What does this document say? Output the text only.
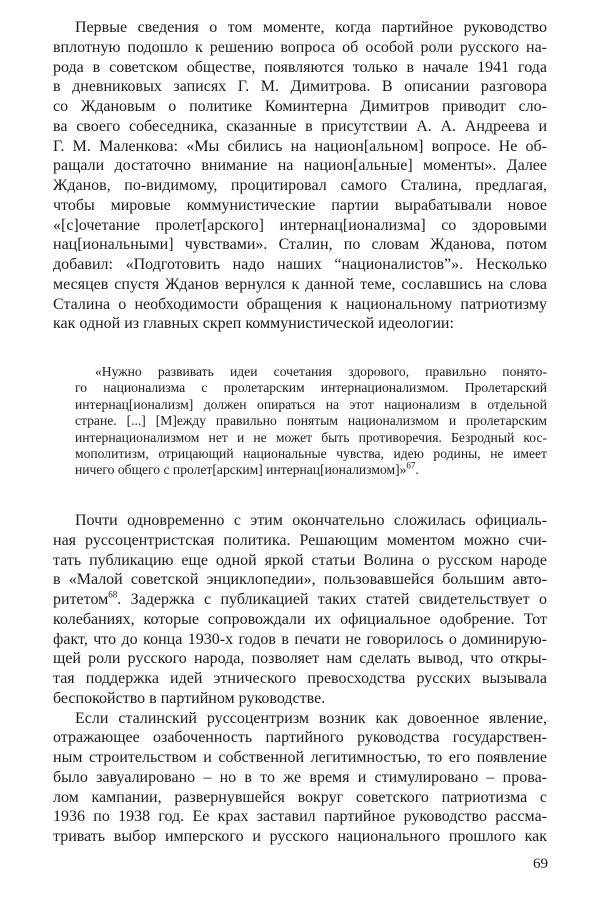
Первые сведения о том моменте, когда партийное руководство
вплотную подошло к решению вопроса об особой роли русского на-
рода в советском обществе, появляются только в начале 1941 года
в дневниковых записях Г. М. Димитрова. В описании разговора
со Ждановым о политике Коминтерна Димитров приводит сло-
ва своего собеседника, сказанные в присутствии А. А. Андреева и
Г. М. Маленкова: «Мы сбились на национ[альном] вопросе. Не об-
ращали достаточно внимание на национ[альные] моменты». Далее
Жданов, по-видимому, процитировал самого Сталина, предлагая,
чтобы мировые коммунистические партии вырабатывали новое
«[с]очетание пролет[арского] интернац[ионализма] со здоровыми
нац[иональными] чувствами». Сталин, по словам Жданова, потом
добавил: «Подготовить надо наших “националистов”». Несколько
месяцев спустя Жданов вернулся к данной теме, сославшись на слова
Сталина о необходимости обращения к национальному патриотизму
как одной из главных скреп коммунистической идеологии:
«Нужно развивать идеи сочетания здорового, правильно понято-
го национализма с пролетарским интернационализмом. Пролетарский
интернац[ионализм] должен опираться на этот национализм в отдельной
стране. [...] [М]ежду правильно понятым национализмом и пролетарским
интернационализмом нет и не может быть противоречия. Безродный кос-
мополитизм, отрицающий национальные чувства, идею родины, не имеет
ничего общего с пролет[арским] интернац[ионализмом]»$^{67}$.
Почти одновременно с этим окончательно сложилась официаль-
ная руссоцентристская политика. Решающим моментом можно счи-
тать публикацию еще одной яркой статьи Волина о русском народе
в «Малой советской энциклопедии», пользовавшейся большим авто-
ритетом$^{68}$. Задержка с публикацией таких статей свидетельствует о
колебаниях, которые сопровождали их официальное одобрение. Тот
факт, что до конца 1930-х годов в печати не говорилось о доминирую-
щей роли русского народа, позволяет нам сделать вывод, что откры-
тая поддержка идей этнического превосходства русских вызывала
беспокойство в партийном руководстве.
Если сталинский руссоцентризм возник как довоенное явление,
отражающее озабоченность партийного руководства государствен-
ным строительством и собственной легитимностью, то его появление
было завуалировано – но в то же время и стимулировано – прова-
лом кампании, развернувшейся вокруг советского патриотизма с
1936 по 1938 год. Ее крах заставил партийное руководство рассма-
тривать выбор имперского и русского национального прошлого как
69
